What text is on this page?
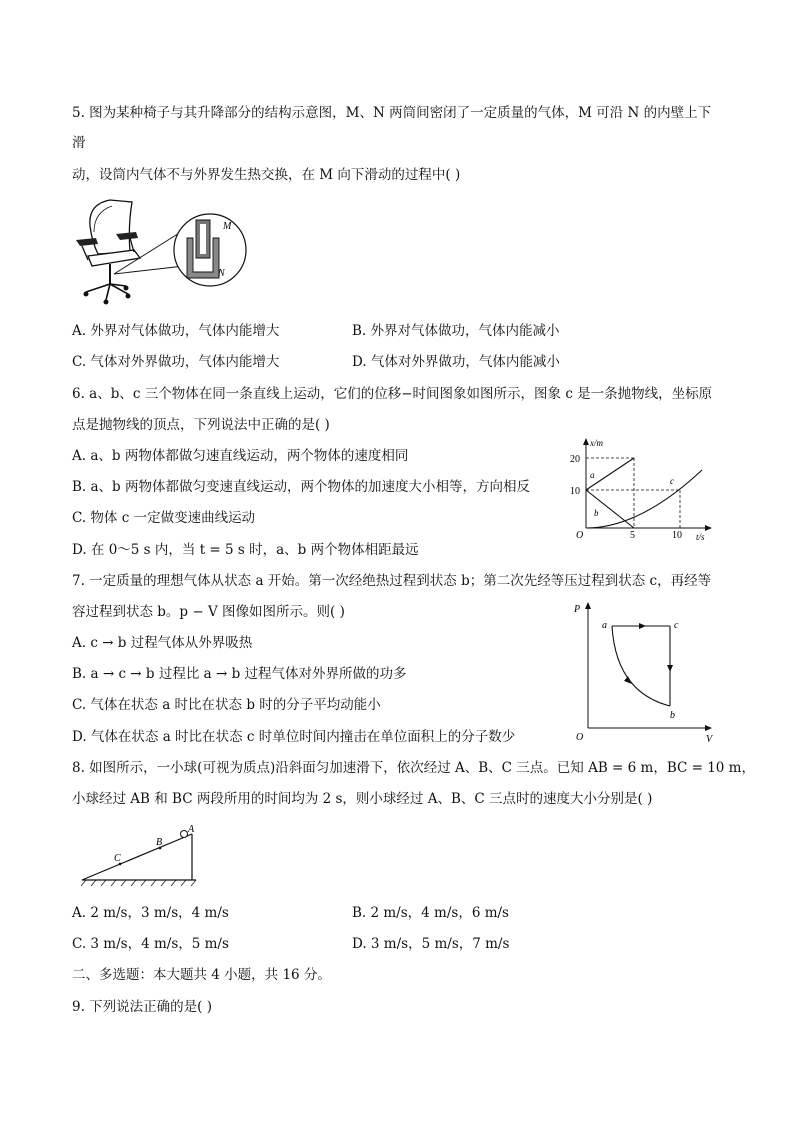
5. 图为某种椅子与其升降部分的结构示意图，M、N 两筒间密闭了一定质量的气体，M 可沿 N 的内壁上下
滑
动，设筒内气体不与外界发生热交换，在 M 向下滑动的过程中( )
M
N
A. 外界对气体做功，气体内能增大	B. 外界对气体做功，气体内能减小
C. 气体对外界做功，气体内能增大	D. 气体对外界做功，气体内能减小
6. a、b、c 三个物体在同一条直线上运动，它们的位移−时间图象如图所示，图象 c 是一条抛物线，坐标原
点是抛物线的顶点，下列说法中正确的是( )
A. a、b 两物体都做匀速直线运动，两个物体的速度相同
B. a、b 两物体都做匀变速直线运动，两个物体的加速度大小相等，方向相反
C. 物体 c 一定做变速曲线运动
D. 在 0～5 s 内，当 t = 5 s 时，a、b 两个物体相距最远
x/m
t/s
O
20
10
5	10
a
b
c
7. 一定质量的理想气体从状态 a 开始。第一次经绝热过程到状态 b；第二次先经等压过程到状态 c，再经等
容过程到状态 b。p − V 图像如图所示。则( )
A. c → b 过程气体从外界吸热
B. a → c → b 过程比 a → b 过程气体对外界所做的功多
C. 气体在状态 a 时比在状态 b 时的分子平均动能小
D. 气体在状态 a 时比在状态 c 时单位时间内撞击在单位面积上的分子数少
P
V
O
a	c
b
8. 如图所示，一小球(可视为质点)沿斜面匀加速滑下，依次经过 A、B、C 三点。已知 AB = 6 m，BC = 10 m，
小球经过 AB 和 BC 两段所用的时间均为 2 s，则小球经过 A、B、C 三点时的速度大小分别是( )
A
B
C
A. 2 m/s，3 m/s，4 m/s	B. 2 m/s，4 m/s，6 m/s
C. 3 m/s，4 m/s，5 m/s	D. 3 m/s，5 m/s，7 m/s
二、多选题：本大题共 4 小题，共 16 分。
9. 下列说法正确的是( )
